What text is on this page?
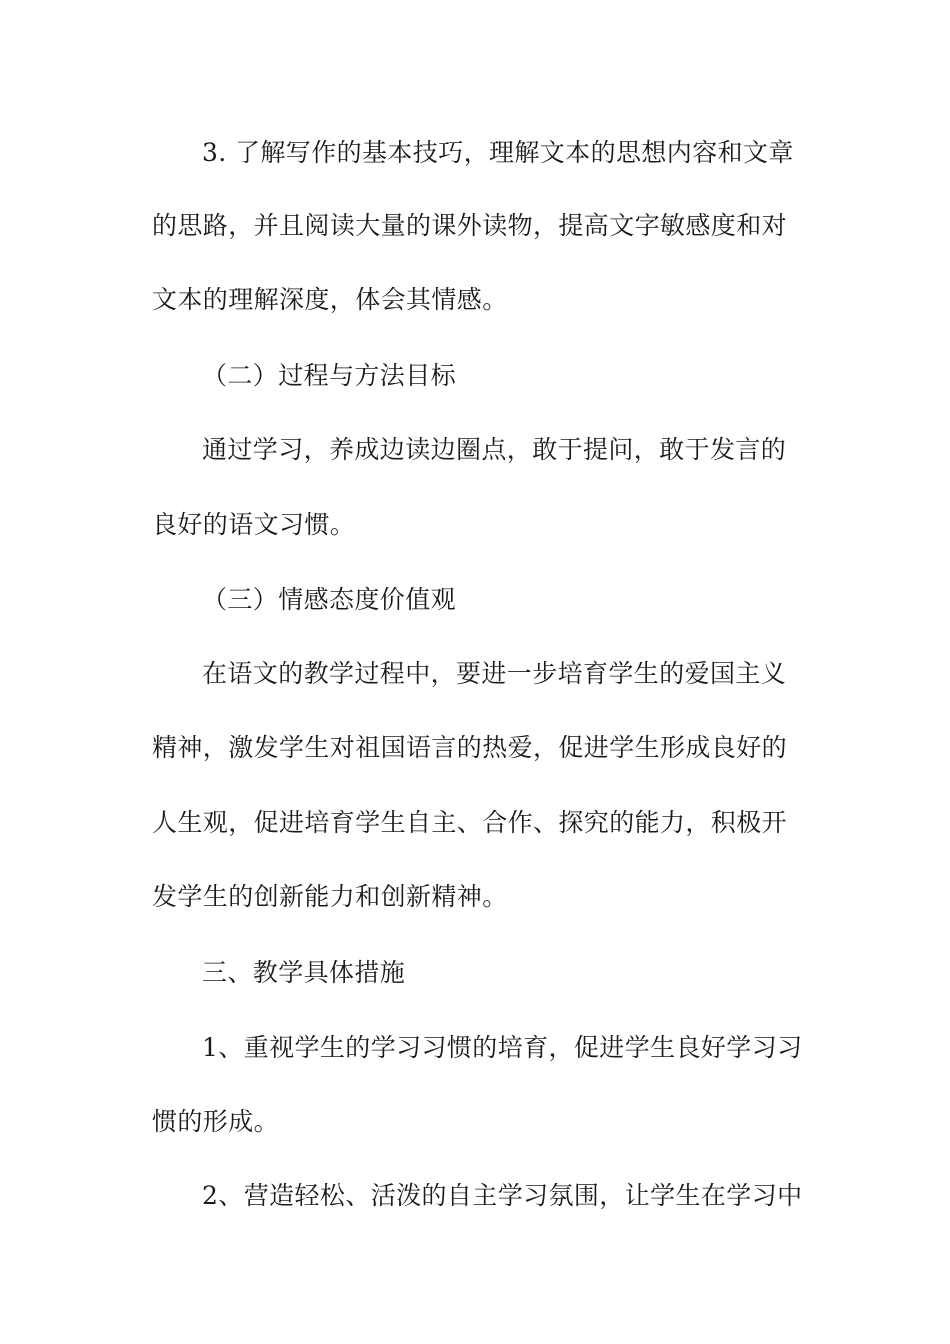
3. 了解写作的基本技巧，理解文本的思想内容和文章
的思路，并且阅读大量的课外读物，提高文字敏感度和对
文本的理解深度，体会其情感。
（二）过程与方法目标
通过学习，养成边读边圈点，敢于提问，敢于发言的
良好的语文习惯。
（三）情感态度价值观
在语文的教学过程中，要进一步培育学生的爱国主义
精神，激发学生对祖国语言的热爱，促进学生形成良好的
人生观，促进培育学生自主、合作、探究的能力，积极开
发学生的创新能力和创新精神。
三、教学具体措施
1、重视学生的学习习惯的培育，促进学生良好学习习
惯的形成。
2、营造轻松、活泼的自主学习氛围，让学生在学习中
